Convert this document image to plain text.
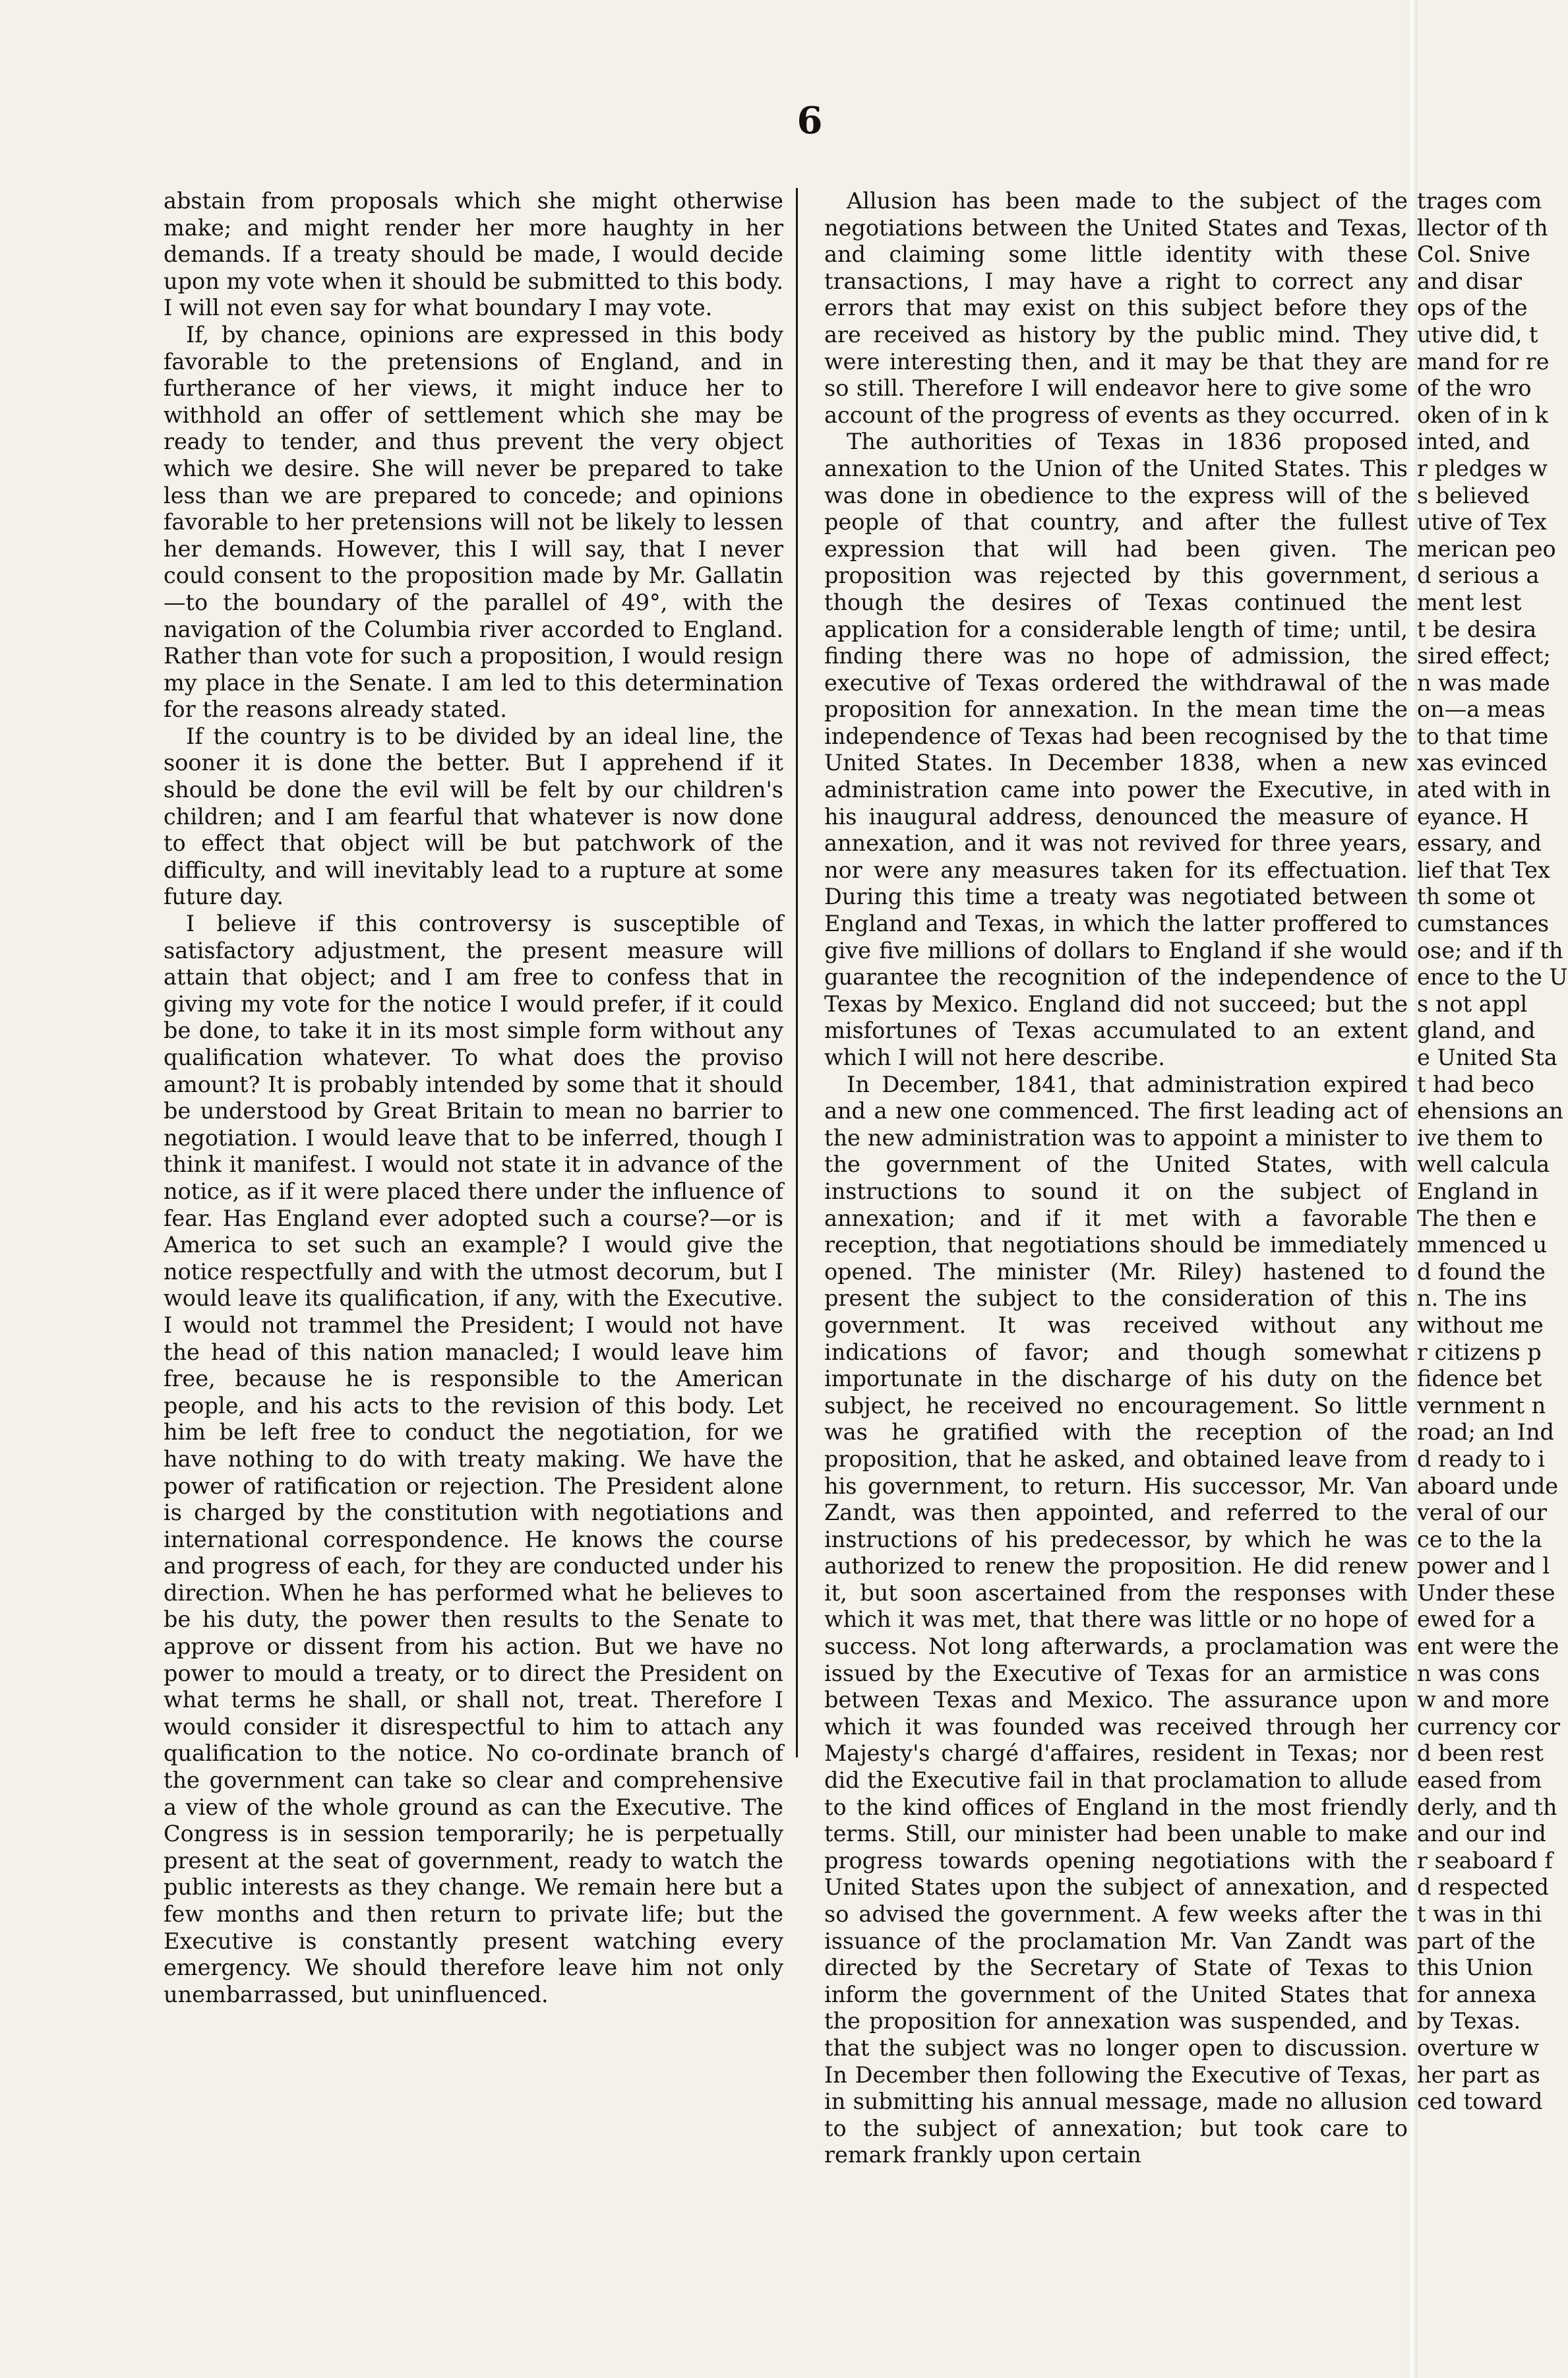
6

abstain from proposals which she might otherwise make; and might render her more haughty in her demands. If a treaty should be made, I would decide upon my vote when it should be submitted to this body. I will not even say for what boundary I may vote.

If, by chance, opinions are expressed in this body favorable to the pretensions of England, and in furtherance of her views, it might induce her to withhold an offer of settlement which she may be ready to tender, and thus prevent the very object which we desire. She will never be prepared to take less than we are prepared to concede; and opinions favorable to her pretensions will not be likely to lessen her demands. However, this I will say, that I never could consent to the proposition made by Mr. Gallatin—to the boundary of the parallel of 49°, with the navigation of the Columbia river accorded to England. Rather than vote for such a proposition, I would resign my place in the Senate. I am led to this determination for the reasons already stated.

If the country is to be divided by an ideal line, the sooner it is done the better. But I apprehend if it should be done the evil will be felt by our children's children; and I am fearful that whatever is now done to effect that object will be but patchwork of the difficulty, and will inevitably lead to a rupture at some future day.

I believe if this controversy is susceptible of satisfactory adjustment, the present measure will attain that object; and I am free to confess that in giving my vote for the notice I would prefer, if it could be done, to take it in its most simple form without any qualification whatever. To what does the proviso amount? It is probably intended by some that it should be understood by Great Britain to mean no barrier to negotiation. I would leave that to be inferred, though I think it manifest. I would not state it in advance of the notice, as if it were placed there under the influence of fear. Has England ever adopted such a course?—or is America to set such an example? I would give the notice respectfully and with the utmost decorum, but I would leave its qualification, if any, with the Executive. I would not trammel the President; I would not have the head of this nation manacled; I would leave him free, because he is responsible to the American people, and his acts to the revision of this body. Let him be left free to conduct the negotiation, for we have nothing to do with treaty making. We have the power of ratification or rejection. The President alone is charged by the constitution with negotiations and international correspondence. He knows the course and progress of each, for they are conducted under his direction. When he has performed what he believes to be his duty, the power then results to the Senate to approve or dissent from his action. But we have no power to mould a treaty, or to direct the President on what terms he shall, or shall not, treat. Therefore I would consider it disrespectful to him to attach any qualification to the notice. No co-ordinate branch of the government can take so clear and comprehensive a view of the whole ground as can the Executive. The Congress is in session temporarily; he is perpetually present at the seat of government, ready to watch the public interests as they change. We remain here but a few months and then return to private life; but the Executive is constantly present watching every emergency. We should therefore leave him not only unembarrassed, but uninfluenced.

Allusion has been made to the subject of the negotiations between the United States and Texas, and claiming some little identity with these transactions, I may have a right to correct any errors that may exist on this subject before they are received as history by the public mind. They were interesting then, and it may be that they are so still. Therefore I will endeavor here to give some account of the progress of events as they occurred.

The authorities of Texas in 1836 proposed annexation to the Union of the United States. This was done in obedience to the express will of the people of that country, and after the fullest expression that will had been given. The proposition was rejected by this government, though the desires of Texas continued the application for a considerable length of time; until, finding there was no hope of admission, the executive of Texas ordered the withdrawal of the proposition for annexation. In the mean time the independence of Texas had been recognised by the United States. In December 1838, when a new administration came into power the Executive, in his inaugural address, denounced the measure of annexation, and it was not revived for three years, nor were any measures taken for its effectuation. During this time a treaty was negotiated between England and Texas, in which the latter proffered to give five millions of dollars to England if she would guarantee the recognition of the independence of Texas by Mexico. England did not succeed; but the misfortunes of Texas accumulated to an extent which I will not here describe.

In December, 1841, that administration expired and a new one commenced. The first leading act of the new administration was to appoint a minister to the government of the United States, with instructions to sound it on the subject of annexation; and if it met with a favorable reception, that negotiations should be immediately opened. The minister (Mr. Riley) hastened to present the subject to the consideration of this government. It was received without any indications of favor; and though somewhat importunate in the discharge of his duty on the subject, he received no encouragement. So little was he gratified with the reception of the proposition, that he asked, and obtained leave from his government, to return. His successor, Mr. Van Zandt, was then appointed, and referred to the instructions of his predecessor, by which he was authorized to renew the proposition. He did renew it, but soon ascertained from the responses with which it was met, that there was little or no hope of success. Not long afterwards, a proclamation was issued by the Executive of Texas for an armistice between Texas and Mexico. The assurance upon which it was founded was received through her Majesty's chargé d'affaires, resident in Texas; nor did the Executive fail in that proclamation to allude to the kind offices of England in the most friendly terms. Still, our minister had been unable to make progress towards opening negotiations with the United States upon the subject of annexation, and so advised the government. A few weeks after the issuance of the proclamation Mr. Van Zandt was directed by the Secretary of State of Texas to inform the government of the United States that the proposition for annexation was suspended, and that the subject was no longer open to discussion. In December then following the Executive of Texas, in submitting his annual message, made no allusion to the subject of annexation; but took care to remark frankly upon certain

trages com
llector of th
Col. Snive
and disar
ops of the
utive did, t
mand for re
of the wro
oken of in k
inted, and
r pledges w
s believed
utive of Tex
merican peo
d serious a
ment lest
t be desira
sired effect;
n was made
on—a meas
to that time
xas evinced
ated with in
eyance. H
essary, and
lief that Tex
th some ot
cumstances
ose; and if th
ence to the U
s not appl
gland, and
e United Sta
t had beco
ehensions an
ive them to
well calcula
England in
The then e
mmenced u
d found the
n. The ins
without me
r citizens p
fidence bet
vernment n
road; an Ind
d ready to i
aboard unde
veral of our
ce to the la
power and l
Under these
ewed for a
ent were the
n was cons
w and more
currency cor
d been rest
eased from
derly, and th
and our ind
r seaboard f
d respected
t was in thi
part of the
this Union
for annexa
by Texas.
overture w
her part as
ced toward
